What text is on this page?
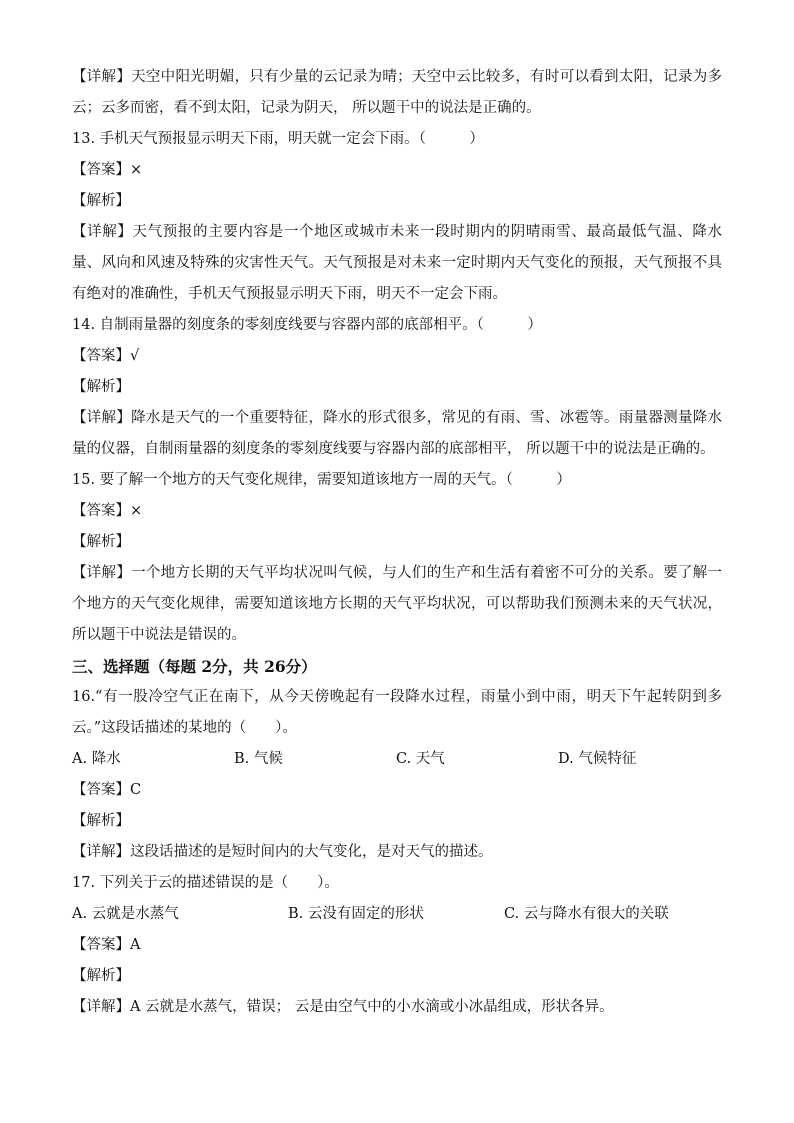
【详解】天空中阳光明媚，只有少量的云记录为晴；天空中云比较多，有时可以看到太阳，记录为多云；云多而密，看不到太阳，记录为阴天， 所以题干中的说法是正确的。
13. 手机天气预报显示明天下雨，明天就一定会下雨。（　　　）
【答案】×
【解析】
【详解】天气预报的主要内容是一个地区或城市未来一段时期内的阴晴雨雪、最高最低气温、降水量、风向和风速及特殊的灾害性天气。天气预报是对未来一定时期内天气变化的预报，天气预报不具有绝对的准确性，手机天气预报显示明天下雨，明天不一定会下雨。
14. 自制雨量器的刻度条的零刻度线要与容器内部的底部相平。（　　　）
【答案】√
【解析】
【详解】降水是天气的一个重要特征，降水的形式很多，常见的有雨、雪、冰雹等。雨量器测量降水量的仪器，自制雨量器的刻度条的零刻度线要与容器内部的底部相平， 所以题干中的说法是正确的。
15. 要了解一个地方的天气变化规律，需要知道该地方一周的天气。（　　　）
【答案】×
【解析】
【详解】一个地方长期的天气平均状况叫气候，与人们的生产和生活有着密不可分的关系。要了解一个地方的天气变化规律，需要知道该地方长期的天气平均状况，可以帮助我们预测未来的天气状况，所以题干中说法是错误的。
三、选择题（每题 2分，共 26分）
16.“有一股冷空气正在南下，从今天傍晚起有一段降水过程，雨量小到中雨，明天下午起转阴到多云。”这段话描述的某地的（　　）。
A. 降水	B. 气候	C. 天气	D. 气候特征
【答案】C
【解析】
【详解】这段话描述的是短时间内的大气变化，是对天气的描述。
17. 下列关于云的描述错误的是（　　）。
A. 云就是水蒸气	B. 云没有固定的形状	C. 云与降水有很大的关联
【答案】A
【解析】
【详解】A 云就是水蒸气，错误； 云是由空气中的小水滴或小冰晶组成，形状各异。
